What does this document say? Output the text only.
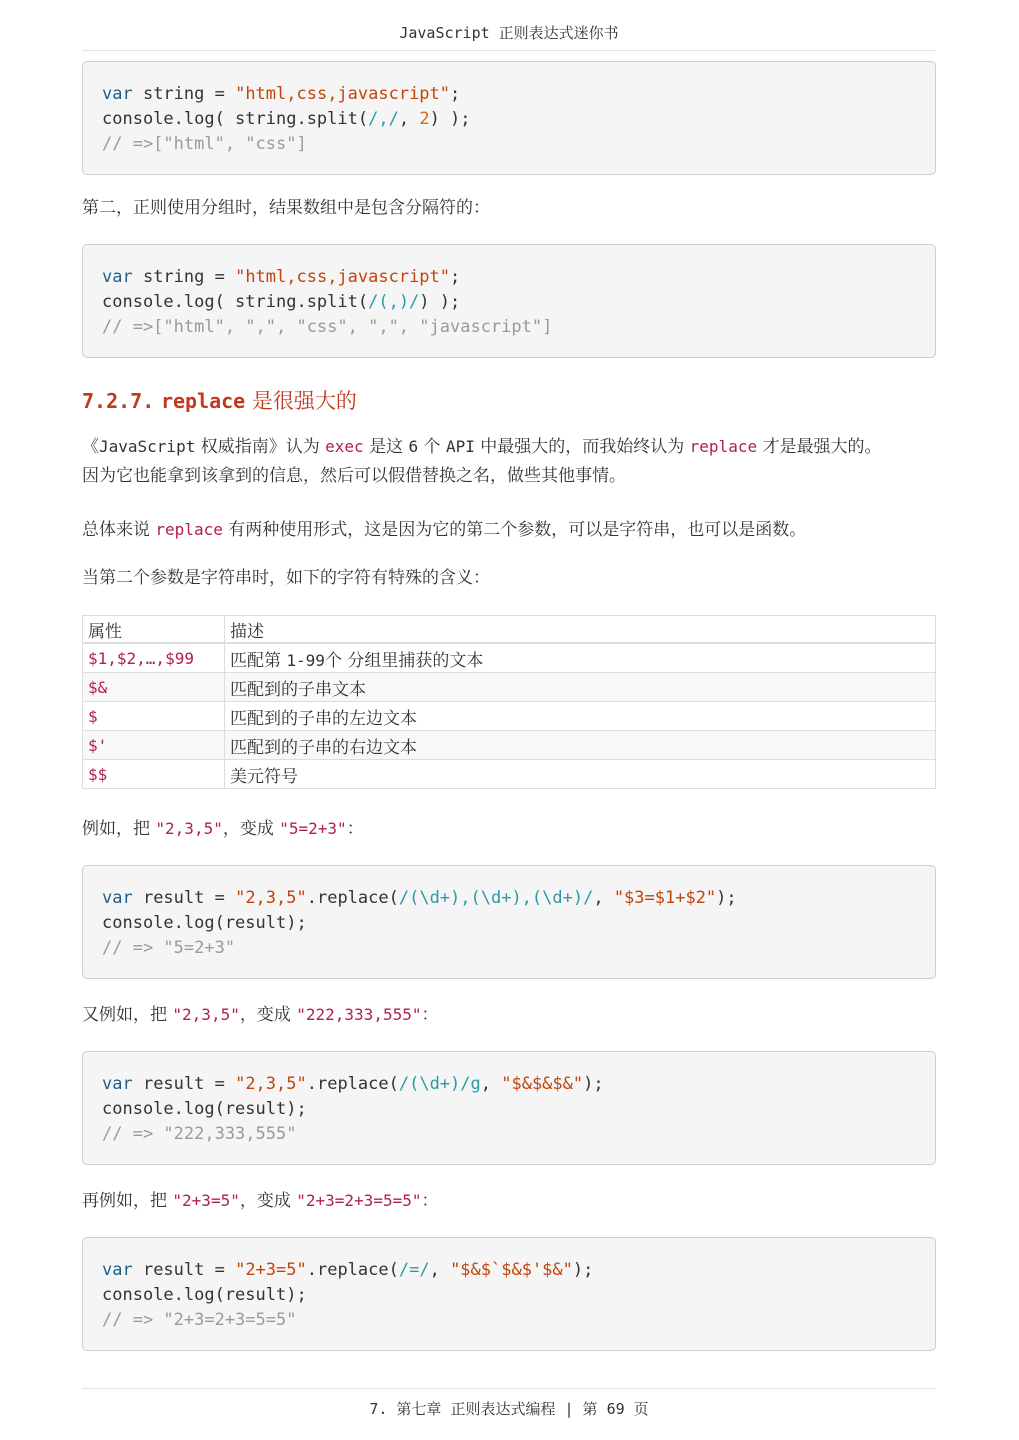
JavaScript 正则表达式迷你书
var string = "html,css,javascript";
console.log( string.split(/,/, 2) );
// =>["html", "css"]
第二，正则使用分组时，结果数组中是包含分隔符的：
var string = "html,css,javascript";
console.log( string.split(/(,)/) );
// =>["html", ",", "css", ",", "javascript"]
7.2.7. replace 是很强大的
《JavaScript 权威指南》认为 exec 是这 6 个 API 中最强大的，而我始终认为 replace 才是最强大的。
因为它也能拿到该拿到的信息，然后可以假借替换之名，做些其他事情。
总体来说 replace 有两种使用形式，这是因为它的第二个参数，可以是字符串，也可以是函数。
当第二个参数是字符串时，如下的字符有特殊的含义：
属性	描述
$1,$2,…,$99	匹配第 1-99个 分组里捕获的文本
$&	匹配到的子串文本
$	匹配到的子串的左边文本
$'	匹配到的子串的右边文本
$$	美元符号
例如，把 "2,3,5"，变成 "5=2+3"：
var result = "2,3,5".replace(/(\d+),(\d+),(\d+)/, "$3=$1+$2");
console.log(result);
// => "5=2+3"
又例如，把 "2,3,5"，变成 "222,333,555"：
var result = "2,3,5".replace(/(\d+)/g, "$&$&$&");
console.log(result);
// => "222,333,555"
再例如，把 "2+3=5"，变成 "2+3=2+3=5=5"：
var result = "2+3=5".replace(/=/, "$&$`$&$'$&");
console.log(result);
// => "2+3=2+3=5=5"
7. 第七章 正则表达式编程 | 第 69 页
